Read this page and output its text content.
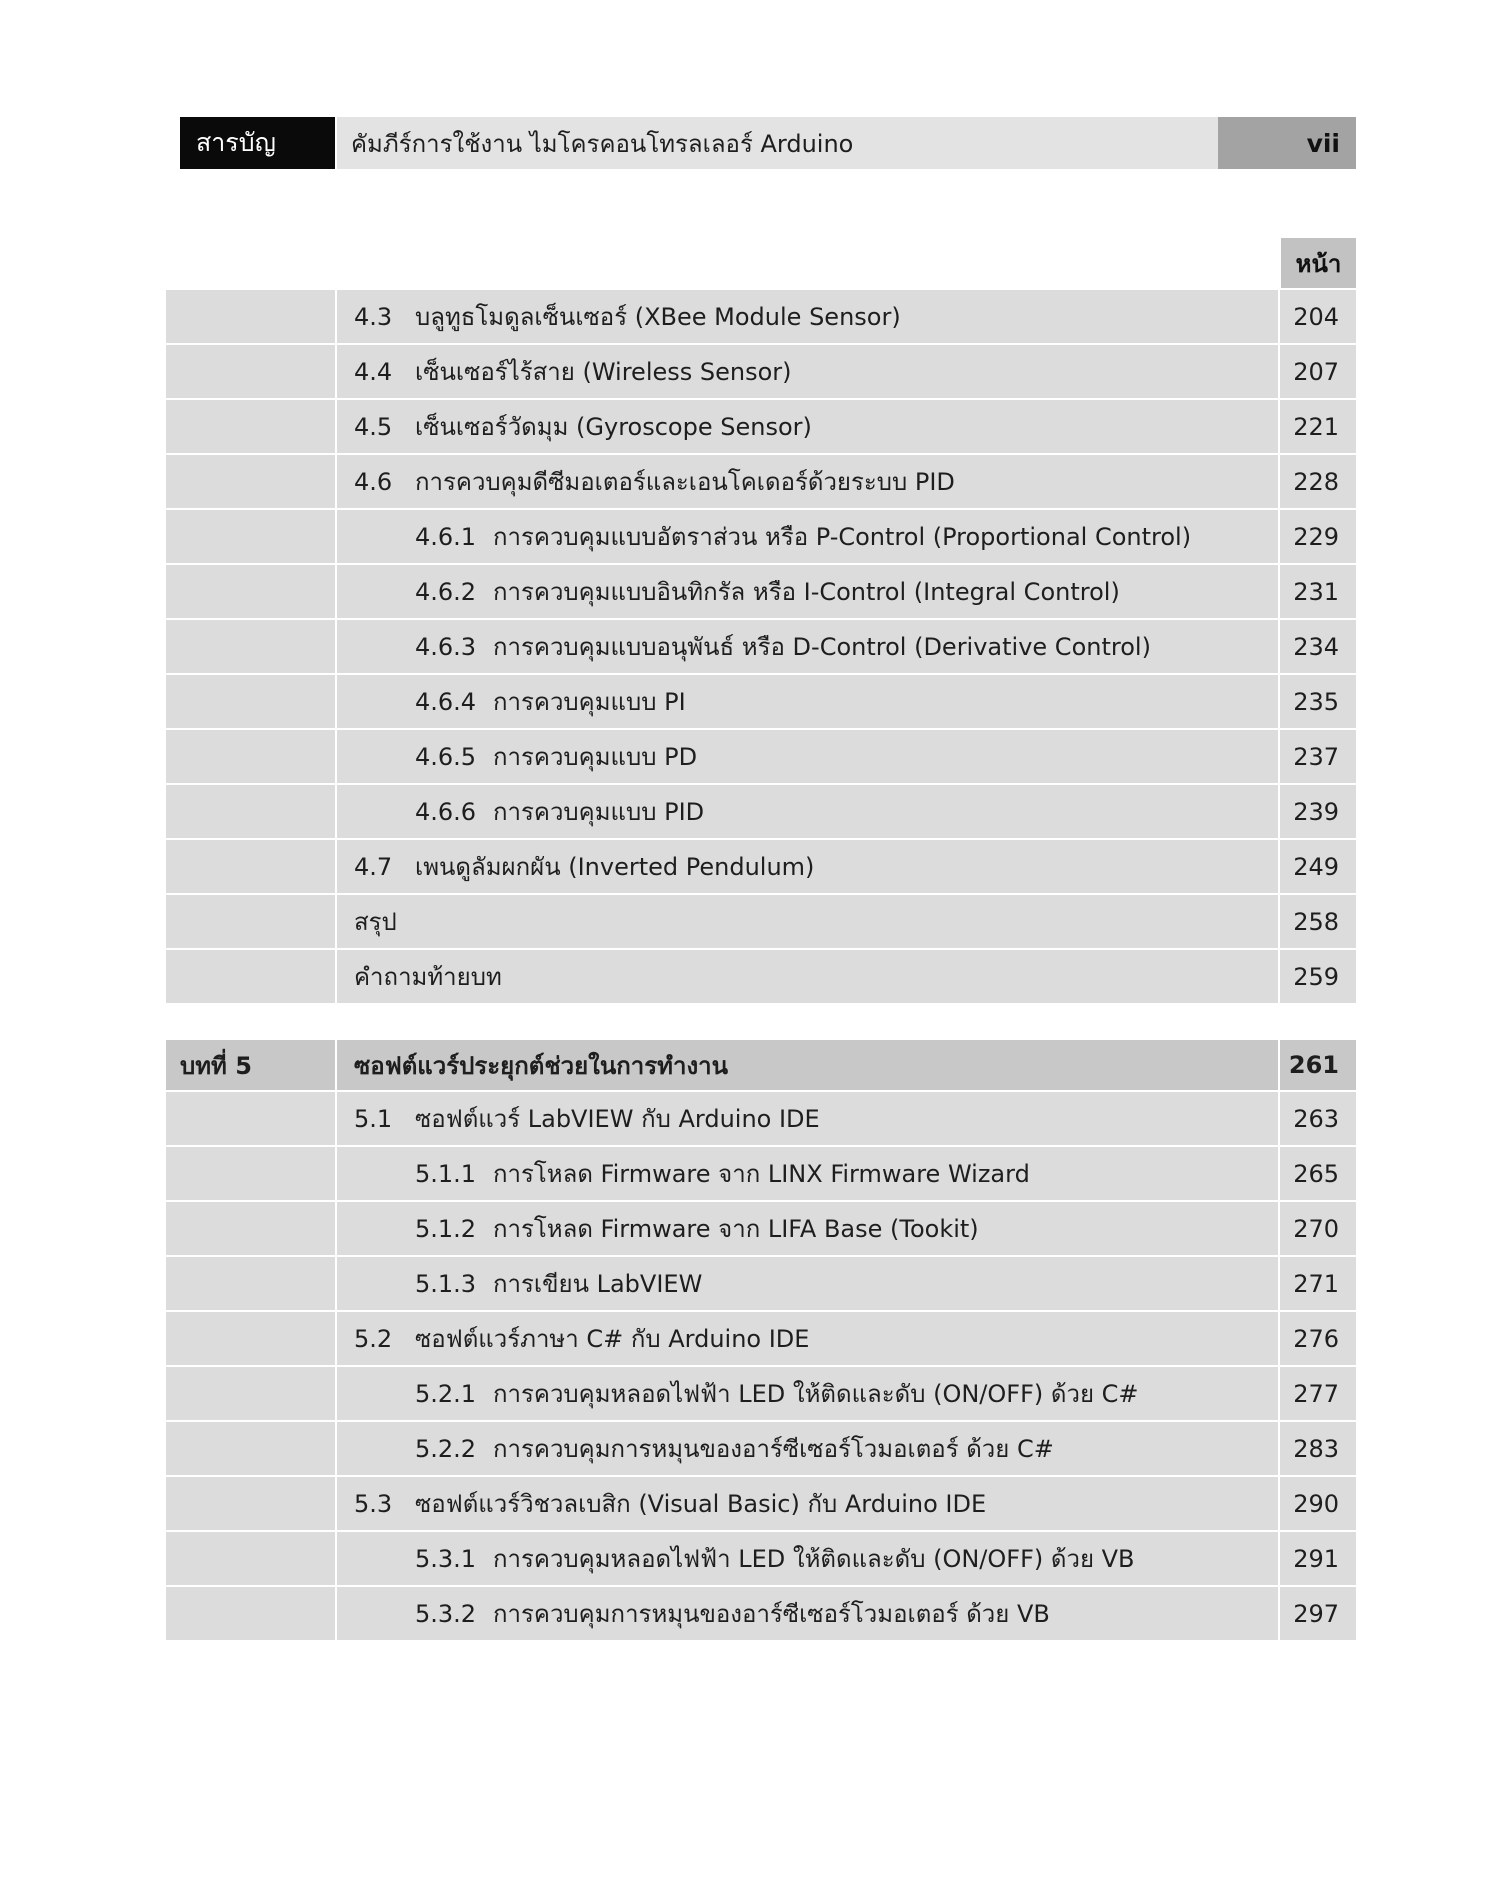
สารบัญ	คัมภีร์การใช้งาน ไมโครคอนโทรลเลอร์ Arduino	vii
หน้า
4.3 บลูทูธโมดูลเซ็นเซอร์ (XBee Module Sensor)	204
4.4 เซ็นเซอร์ไร้สาย (Wireless Sensor)	207
4.5 เซ็นเซอร์วัดมุม (Gyroscope Sensor)	221
4.6 การควบคุมดีซีมอเตอร์และเอนโคเดอร์ด้วยระบบ PID	228
4.6.1 การควบคุมแบบอัตราส่วน หรือ P-Control (Proportional Control)	229
4.6.2 การควบคุมแบบอินทิกรัล หรือ I-Control (Integral Control)	231
4.6.3 การควบคุมแบบอนุพันธ์ หรือ D-Control (Derivative Control)	234
4.6.4 การควบคุมแบบ PI	235
4.6.5 การควบคุมแบบ PD	237
4.6.6 การควบคุมแบบ PID	239
4.7 เพนดูลัมผกผัน (Inverted Pendulum)	249
สรุป	258
คำถามท้ายบท	259
บทที่ 5	ซอฟต์แวร์ประยุกต์ช่วยในการทำงาน	261
5.1 ซอฟต์แวร์ LabVIEW กับ Arduino IDE	263
5.1.1 การโหลด Firmware จาก LINX Firmware Wizard	265
5.1.2 การโหลด Firmware จาก LIFA Base (Tookit)	270
5.1.3 การเขียน LabVIEW	271
5.2 ซอฟต์แวร์ภาษา C# กับ Arduino IDE	276
5.2.1 การควบคุมหลอดไฟฟ้า LED ให้ติดและดับ (ON/OFF) ด้วย C#	277
5.2.2 การควบคุมการหมุนของอาร์ซีเซอร์โวมอเตอร์ ด้วย C#	283
5.3 ซอฟต์แวร์วิชวลเบสิก (Visual Basic) กับ Arduino IDE	290
5.3.1 การควบคุมหลอดไฟฟ้า LED ให้ติดและดับ (ON/OFF) ด้วย VB	291
5.3.2 การควบคุมการหมุนของอาร์ซีเซอร์โวมอเตอร์ ด้วย VB	297
